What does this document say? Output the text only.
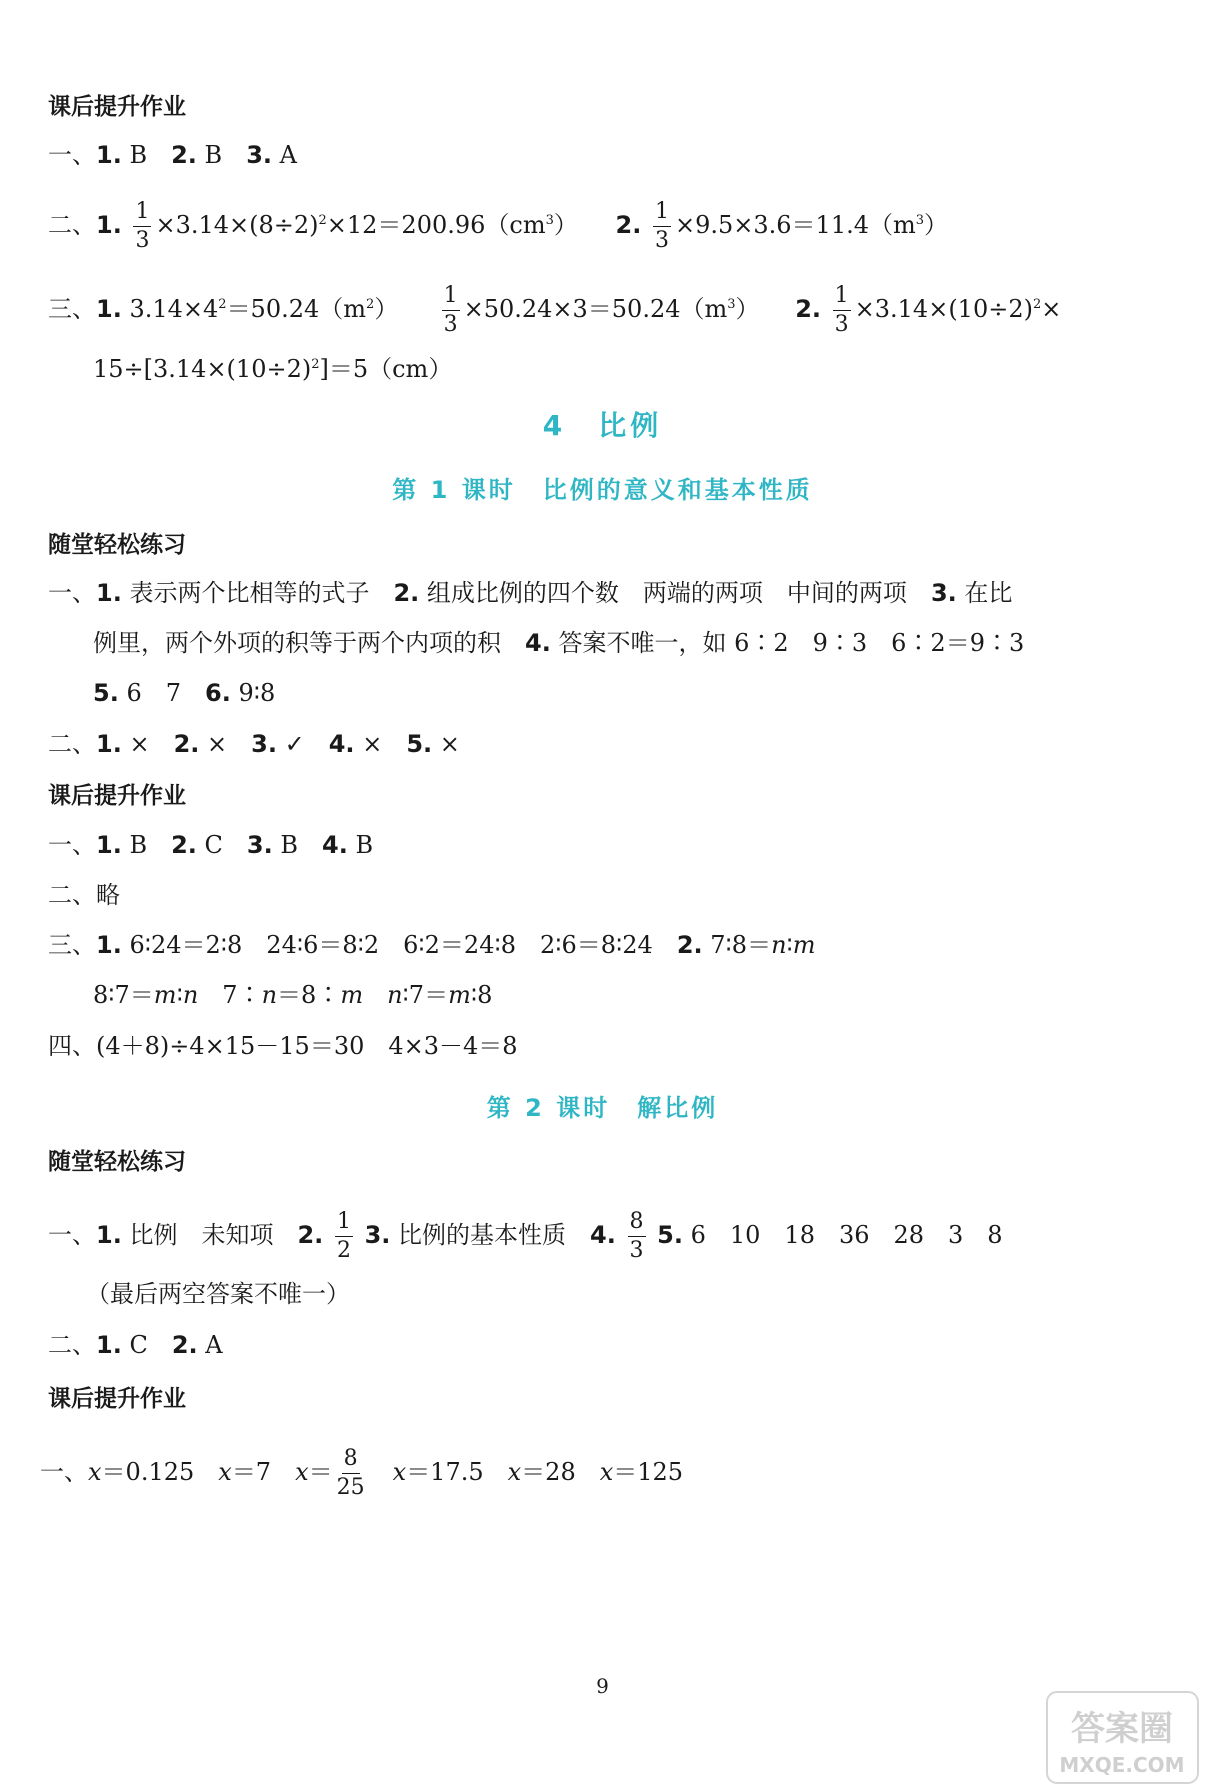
课后提升作业
一、1. B　2. B　3. A
二、1. $\frac{1}{3} \times 3.14\times(8\div 2)^2\times 12=200.96(cm^3)$ 2. $\frac{1}{3} \times 9.5\times 3.6=11.4(m^3)$
三、1. $3.14\times 4^2=50.24(m^2) \frac{1}{3} \times 50.24\times 3=50.24(m^3)$ 2. $\frac{1}{3} \times 3.14\times(10\div 2)^2\times$
$15\div[3.14\times(10\div 2)^2]=5(cm)$
4　比例
第 1 课时　比例的意义和基本性质
随堂轻松练习
一、1. 表示两个比相等的式子　2. 组成比例的四个数　两端的两项　中间的两项　3. 在比
例里，两个外项的积等于两个内项的积　4. 答案不唯一，如 6∶2　9∶3　6∶2＝9∶3
5. 6　7　6. 9∶8
二、1. ×　2. ×　3. ✓　4. ×　5. ×
课后提升作业
一、1. B　2. C　3. B　4. B
二、略
三、1. 6∶24＝2∶8　24∶6＝8∶2　6∶2＝24∶8　2∶6＝8∶24　2. 7∶8＝n∶m
8∶7＝m∶n　7∶n＝8∶m　 n∶7＝m∶8
四、(4＋8)÷4×15－15＝30　4×3－4＝8
第 2 课时　解比例
随堂轻松练习
一、1. 比例　未知项　2. $\frac{1}{2} 3$. 比例的基本性质　4. $\frac{8}{3} 5$. 6　10　18　36　28　3　8
（最后两空答案不唯一）
二、1. C　2. A
课后提升作业
一、x＝0.125　x＝7　$x= \frac{8}{25}$
　 x＝17.5　x＝28　x＝125
9
答案圈
MXQE.COM
